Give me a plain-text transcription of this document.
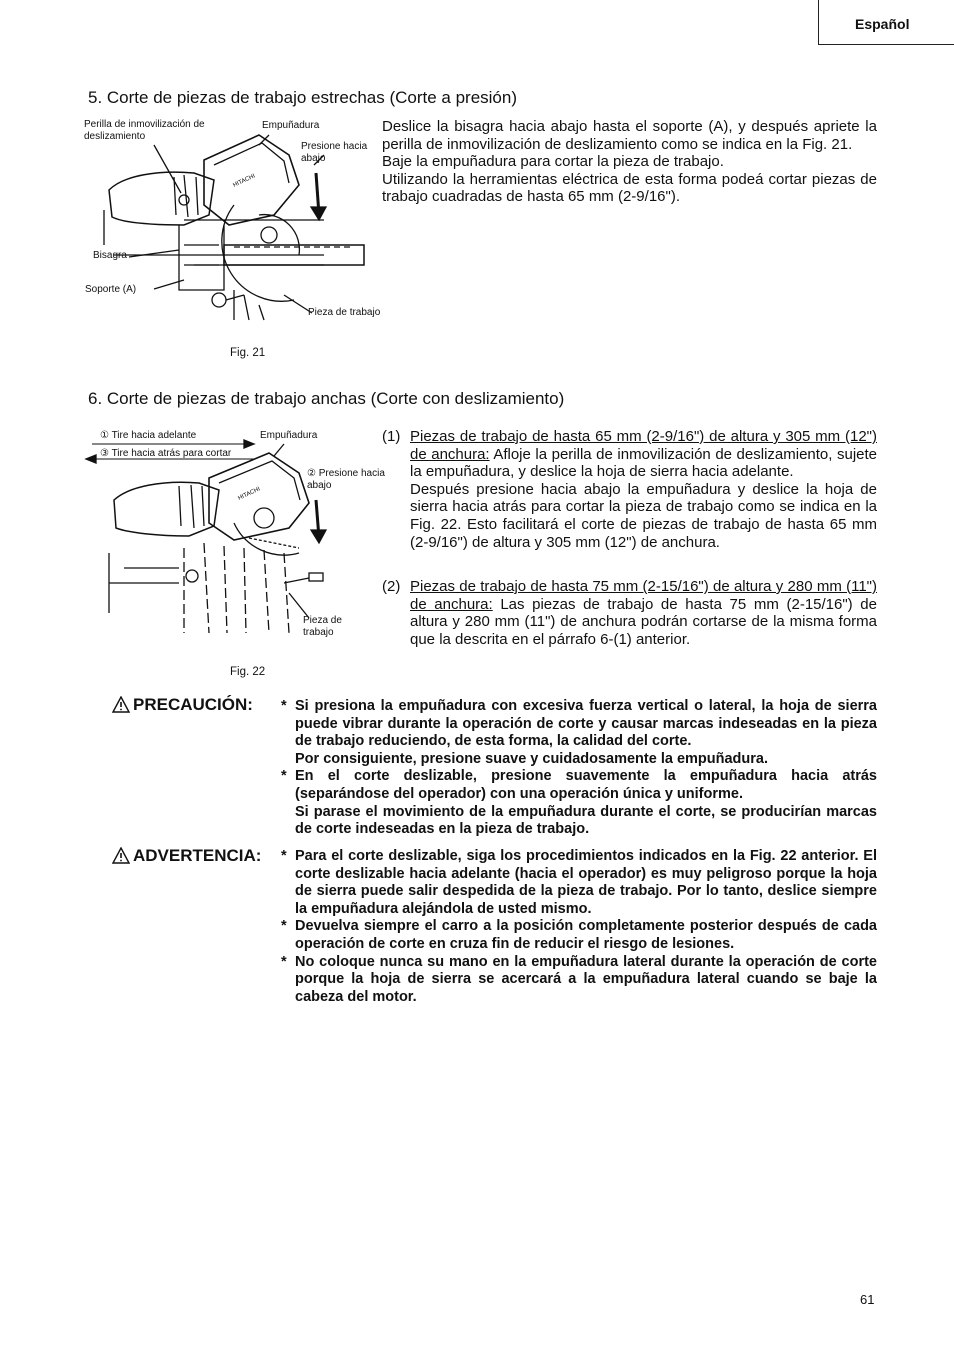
Español
5. Corte de piezas de trabajo estrechas (Corte a presión)
HITACHI
Perilla de inmovilización de deslizamiento
Empuñadura
Presione hacia abajo
Bisagra
Soporte (A)
Pieza de trabajo
Fig. 21

Deslice la bisagra hacia abajo hasta el soporte (A), y después apriete la perilla de inmovilización de deslizamiento como se indica en la Fig. 21.

Baje la empuñadura para cortar la pieza de trabajo.

Utilizando la herramientas eléctrica de esta forma podeá cortar piezas de trabajo cuadradas de hasta 65 mm (2-9/16").

6. Corte de piezas de trabajo anchas (Corte con deslizamiento)
HITACHI
① Tire hacia adelante
③ Tire hacia atrás para cortar
Empuñadura
② Presione hacia abajo
Pieza de trabajo
Fig. 22
(1) Piezas de trabajo de hasta 65 mm (2-9/16") de altura y 305 mm (12") de anchura: Afloje la perilla de inmovilización de deslizamiento, sujete la empuñadura, y deslice la hoja de sierra hacia adelante.
Después presione hacia abajo la empuñadura y deslice la hoja de sierra hacia atrás para cortar la pieza de trabajo como se indica en la Fig. 22. Esto facilitará el corte de piezas de trabajo de hasta 65 mm (2-9/16") de altura y 305 mm (12") de anchura.
(2) Piezas de trabajo de hasta 75 mm (2-15/16") de altura y 280 mm (11") de anchura: Las piezas de trabajo de hasta 75 mm (2-15/16") de altura y 280 mm (11") de anchura podrán cortarse de la misma forma que la descrita en el párrafo 6-(1) anterior.
PRECAUCIÓN:	* Si presiona la empuñadura con excesiva fuerza vertical o lateral, la hoja de sierra puede vibrar durante la operación de corte y causar marcas indeseadas en la pieza de trabajo reduciendo, de esta forma, la calidad del corte.

Por consiguiente, presione suave y cuidadosamente la empuñadura.

* En el corte deslizable, presione suavemente la empuñadura hacia atrás (separándose del operador) con una operación única y uniforme.

Si parase el movimiento de la empuñadura durante el corte, se producirían marcas de corte indeseadas en la pieza de trabajo.

ADVERTENCIA: * Para el corte deslizable, siga los procedimientos indicados en la Fig. 22 anterior. El corte deslizable hacia adelante (hacia el operador) es muy peligroso porque la hoja de sierra puede salir despedida de la pieza de trabajo. Por lo tanto, deslice siempre la empuñadura alejándola de usted mismo.

* Devuelva siempre el carro a la posición completamente posterior después de cada operación de corte en cruza fin de reducir el riesgo de lesiones.

* No coloque nunca su mano en la empuñadura lateral durante la operación de corte porque la hoja de sierra se acercará a la empuñadura lateral cuando se baje la cabeza del motor.

61
